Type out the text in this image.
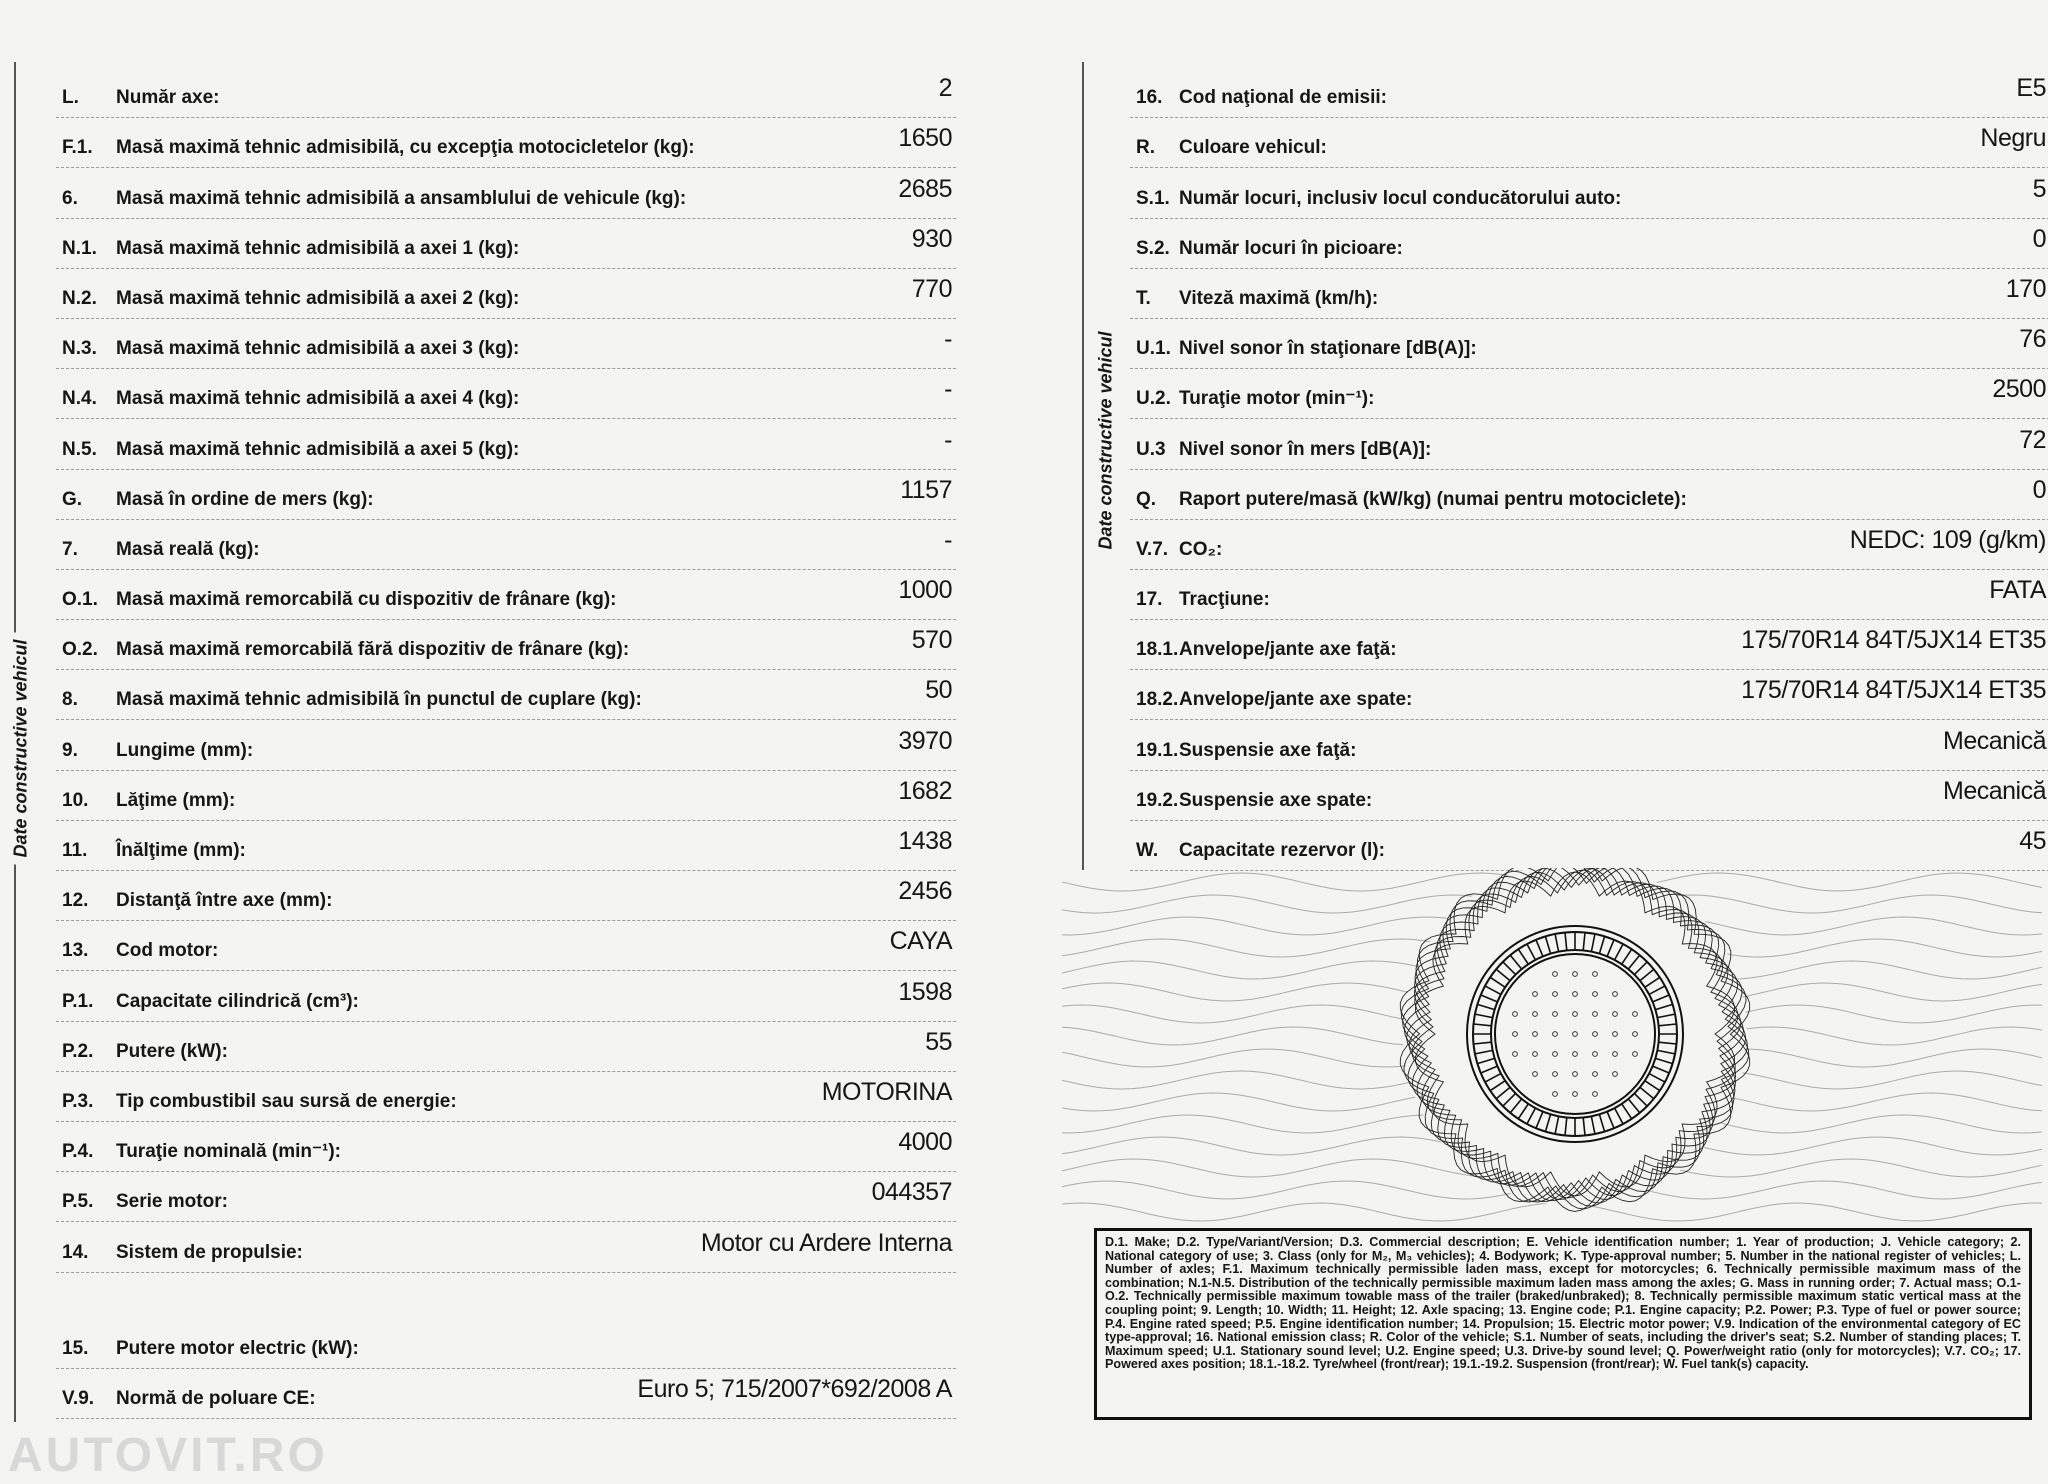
Date constructive vehicul
L.	Număr axe:	2
F.1.	Masă maximă tehnic admisibilă, cu excepţia motocicletelor (kg):	1650
6.	Masă maximă tehnic admisibilă a ansamblului de vehicule (kg):	2685
N.1.	Masă maximă tehnic admisibilă a axei 1 (kg):	930
N.2.	Masă maximă tehnic admisibilă a axei 2 (kg):	770
N.3.	Masă maximă tehnic admisibilă a axei 3 (kg):	-
N.4.	Masă maximă tehnic admisibilă a axei 4 (kg):	-
N.5.	Masă maximă tehnic admisibilă a axei 5 (kg):	-
G.	Masă în ordine de mers (kg):	1157
7.	Masă reală (kg):	-
O.1. Masă maximă remorcabilă cu dispozitiv de frânare (kg):	1000
O.2. Masă maximă remorcabilă fără dispozitiv de frânare (kg):	570
8.	Masă maximă tehnic admisibilă în punctul de cuplare (kg):	50
9.	Lungime (mm):	3970
10.	Lăţime (mm):	1682
11.	Înălţime (mm):	1438
12.	Distanţă între axe (mm):	2456
13.	Cod motor:	CAYA
P.1.	Capacitate cilindrică (cm³):	1598
P.2.	Putere (kW):	55
P.3.	Tip combustibil sau sursă de energie:	MOTORINA
P.4.	Turaţie nominală (min⁻¹):	4000
P.5.	Serie motor:	044357
14.	Sistem de propulsie:	Motor cu Ardere Interna
15.	Putere motor electric (kW):
V.9.	Normă de poluare CE:	Euro 5; 715/2007*692/2008 A
AUTOVIT.RO
Date constructive vehicul
16. Cod naţional de emisii:	E5
R.	Culoare vehicul:	Negru
S.1. Număr locuri, inclusiv locul conducătorului auto:	5
S.2. Număr locuri în picioare:	0
T.	Viteză maximă (km/h):	170
U.1. Nivel sonor în staţionare [dB(A)]:	76
U.2. Turaţie motor (min⁻¹):	2500
U.3 Nivel sonor în mers [dB(A)]:	72
Q.	Raport putere/masă (kW/kg) (numai pentru motociclete):	0
V.7. CO₂:	NEDC: 109 (g/km)
17. Tracţiune:	FATA
18.1. Anvelope/jante axe faţă:	175/70R14 84T/5JX14 ET35
18.2. Anvelope/jante axe spate:	175/70R14 84T/5JX14 ET35
19.1. Suspensie axe faţă:	Mecanică
19.2. Suspensie axe spate:	Mecanică
W.	Capacitate rezervor (l):	45
D.1. Make; D.2. Type/Variant/Version; D.3. Commercial description; E. Vehicle identification number; 1. Year of production; J. Vehicle category; 2. National category of use; 3. Class (only for M₂, M₃ vehicles); 4. Bodywork; K. Type-approval number; 5. Number in the national register of vehicles; L. Number of axles; F.1. Maximum technically permissible laden mass, except for motorcycles; 6. Technically permissible maximum mass of the combination; N.1-N.5. Distribution of the technically permissible maximum laden mass among the axles; G. Mass in running order; 7. Actual mass; O.1-O.2. Technically permissible maximum towable mass of the trailer (braked/unbraked); 8. Technically permissible maximum static vertical mass at the coupling point; 9. Length; 10. Width; 11. Height; 12. Axle spacing; 13. Engine code; P.1. Engine capacity; P.2. Power; P.3. Type of fuel or power source; P.4. Engine rated speed; P.5. Engine identification number; 14. Propulsion; 15. Electric motor power; V.9. Indication of the environmental category of EC type-approval; 16. National emission class; R. Color of the vehicle; S.1. Number of seats, including the driver's seat; S.2. Number of standing places; T. Maximum speed; U.1. Stationary sound level; U.2. Engine speed; U.3. Drive-by sound level; Q. Power/weight ratio (only for motorcycles); V.7. CO₂; 17. Powered axes position; 18.1.-18.2. Tyre/wheel (front/rear); 19.1.-19.2. Suspension (front/rear); W. Fuel tank(s) capacity.
